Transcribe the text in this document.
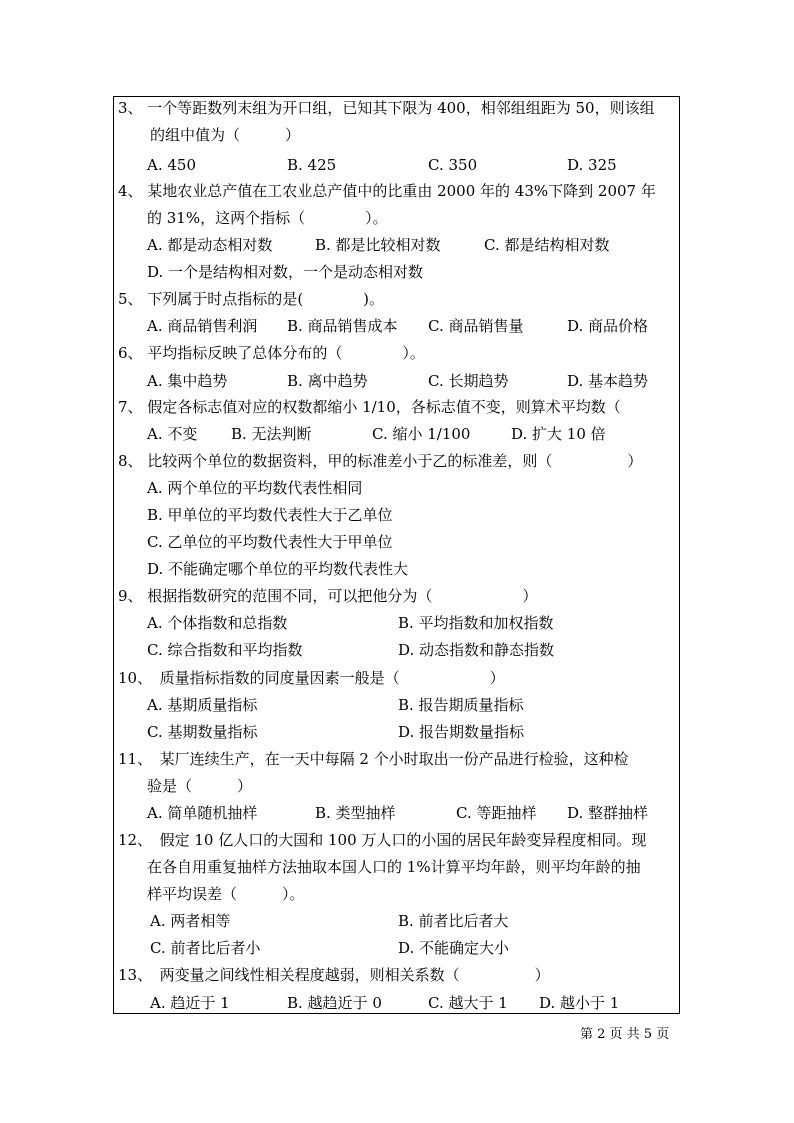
3、 一个等距数列末组为开口组，已知其下限为 400，相邻组组距为 50，则该组
的组中值为（　　　）
A. 450	B. 425	C. 350	D. 325
4、 某地农业总产值在工农业总产值中的比重由 2000 年的 43%下降到 2007 年
的 31%，这两个指标（　　　　）。
A. 都是动态相对数	B. 都是比较相对数	C. 都是结构相对数
D. 一个是结构相对数，一个是动态相对数
5、 下列属于时点指标的是(　　　　)。
A. 商品销售利润 B. 商品销售成本 C. 商品销售量	D. 商品价格
6、 平均指标反映了总体分布的（　　　　）。
A. 集中趋势	B. 离中趋势	C. 长期趋势	D. 基本趋势
7、 假定各标志值对应的权数都缩小 1/10，各标志值不变，则算术平均数（
A. 不变 B. 无法判断	C. 缩小 1/100	D. 扩大 10 倍
8、 比较两个单位的数据资料，甲的标准差小于乙的标准差，则（　　　　　）
A. 两个单位的平均数代表性相同
B. 甲单位的平均数代表性大于乙单位
C. 乙单位的平均数代表性大于甲单位
D. 不能确定哪个单位的平均数代表性大
9、 根据指数研究的范围不同，可以把他分为（　　　　　　）
A. 个体指数和总指数	B. 平均指数和加权指数
C. 综合指数和平均指数	D. 动态指数和静态指数
10、　质量指标指数的同度量因素一般是（　　　　　　）
A. 基期质量指标	B. 报告期质量指标
C. 基期数量指标	D. 报告期数量指标
11、　某厂连续生产，在一天中每隔 2 个小时取出一份产品进行检验，这种检
验是（　　　）
A. 简单随机抽样	B. 类型抽样	C. 等距抽样 D. 整群抽样
12、　假定 10 亿人口的大国和 100 万人口的小国的居民年龄变异程度相同。现
在各自用重复抽样方法抽取本国人口的 1%计算平均年龄，则平均年龄的抽
样平均误差（　　　）。
A. 两者相等	B. 前者比后者大
C. 前者比后者小	D. 不能确定大小
13、　两变量之间线性相关程度越弱，则相关系数（　　　　　）
A. 趋近于 1	B. 越趋近于 0	C. 越大于 1 D. 越小于 1
第 2 页 共 5 页
